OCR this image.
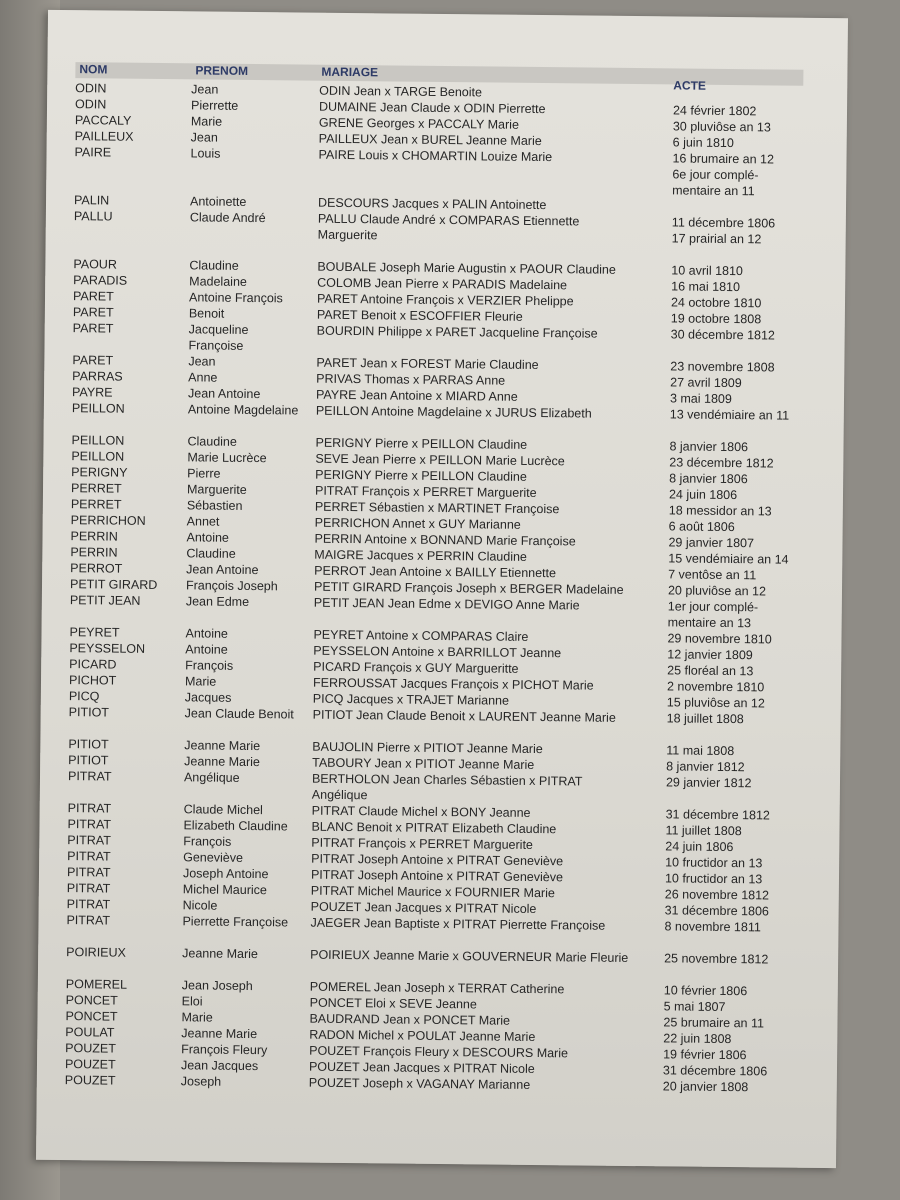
NOM	PRENOM	MARIAGE
ACTE
ODIN	Jean	ODIN Jean x TARGE Benoite
ODIN	Pierrette	DUMAINE Jean Claude x ODIN Pierrette	24 février 1802
PACCALY	Marie	GRENE Georges x PACCALY Marie	30 pluviôse an 13
PAILLEUX	Jean	PAILLEUX Jean x BUREL Jeanne Marie	6 juin 1810
PAIRE	Louis	PAIRE Louis x CHOMARTIN Louize Marie	16 brumaire an 12
6e jour complé-
mentaire an 11
PALIN	Antoinette	DESCOURS Jacques x PALIN Antoinette
PALLU	Claude André	PALLU Claude André x COMPARAS Etiennette	11 décembre 1806
Marguerite	17 prairial an 12
PAOUR	Claudine	BOUBALE Joseph Marie Augustin x PAOUR Claudine	10 avril 1810
PARADIS	Madelaine	COLOMB Jean Pierre x PARADIS Madelaine	16 mai 1810
PARET	Antoine François	PARET Antoine François x VERZIER Phelippe	24 octobre 1810
PARET	Benoit	PARET Benoit x ESCOFFIER Fleurie	19 octobre 1808
PARET	Jacqueline	BOURDIN Philippe x PARET Jacqueline Françoise	30 décembre 1812
Françoise
PARET	Jean	PARET Jean x FOREST Marie Claudine	23 novembre 1808
PARRAS	Anne	PRIVAS Thomas x PARRAS Anne	27 avril 1809
PAYRE	Jean Antoine	PAYRE Jean Antoine x MIARD Anne	3 mai 1809
PEILLON	Antoine Magdelaine	PEILLON Antoine Magdelaine x JURUS Elizabeth	13 vendémiaire an 11
PEILLON	Claudine	PERIGNY Pierre x PEILLON Claudine	8 janvier 1806
PEILLON	Marie Lucrèce	SEVE Jean Pierre x PEILLON Marie Lucrèce	23 décembre 1812
PERIGNY	Pierre	PERIGNY Pierre x PEILLON Claudine	8 janvier 1806
PERRET	Marguerite	PITRAT François x PERRET Marguerite	24 juin 1806
PERRET	Sébastien	PERRET Sébastien x MARTINET Françoise	18 messidor an 13
PERRICHON	Annet	PERRICHON Annet x GUY Marianne	6 août 1806
PERRIN	Antoine	PERRIN Antoine x BONNAND Marie Françoise	29 janvier 1807
PERRIN	Claudine	MAIGRE Jacques x PERRIN Claudine	15 vendémiaire an 14
PERROT	Jean Antoine	PERROT Jean Antoine x BAILLY Etiennette	7 ventôse an 11
PETIT GIRARD	François Joseph	PETIT GIRARD François Joseph x BERGER Madelaine	20 pluviôse an 12
PETIT JEAN	Jean Edme	PETIT JEAN Jean Edme x DEVIGO Anne Marie	1er jour complé-
mentaire an 13
PEYRET	Antoine	PEYRET Antoine x COMPARAS Claire	29 novembre 1810
PEYSSELON	Antoine	PEYSSELON Antoine x BARRILLOT Jeanne	12 janvier 1809
PICARD	François	PICARD François x GUY Margueritte	25 floréal an 13
PICHOT	Marie	FERROUSSAT Jacques François x PICHOT Marie	2 novembre 1810
PICQ	Jacques	PICQ Jacques x TRAJET Marianne	15 pluviôse an 12
PITIOT	Jean Claude Benoit	PITIOT Jean Claude Benoit x LAURENT Jeanne Marie	18 juillet 1808
PITIOT	Jeanne Marie	BAUJOLIN Pierre x PITIOT Jeanne Marie	11 mai 1808
PITIOT	Jeanne Marie	TABOURY Jean x PITIOT Jeanne Marie	8 janvier 1812
PITRAT	Angélique	BERTHOLON Jean Charles Sébastien x PITRAT	29 janvier 1812
Angélique
PITRAT	Claude Michel	PITRAT Claude Michel x BONY Jeanne	31 décembre 1812
PITRAT	Elizabeth Claudine	BLANC Benoit x PITRAT Elizabeth Claudine	11 juillet 1808
PITRAT	François	PITRAT François x PERRET Marguerite	24 juin 1806
PITRAT	Geneviève	PITRAT Joseph Antoine x PITRAT Geneviève	10 fructidor an 13
PITRAT	Joseph Antoine	PITRAT Joseph Antoine x PITRAT Geneviève	10 fructidor an 13
PITRAT	Michel Maurice	PITRAT Michel Maurice x FOURNIER Marie	26 novembre 1812
PITRAT	Nicole	POUZET Jean Jacques x PITRAT Nicole	31 décembre 1806
PITRAT	Pierrette Françoise	JAEGER Jean Baptiste x PITRAT Pierrette Françoise	8 novembre 1811
POIRIEUX	Jeanne Marie	POIRIEUX Jeanne Marie x GOUVERNEUR Marie Fleurie	25 novembre 1812
POMEREL	Jean Joseph	POMEREL Jean Joseph x TERRAT Catherine	10 février 1806
PONCET	Eloi	PONCET Eloi x SEVE Jeanne	5 mai 1807
PONCET	Marie	BAUDRAND Jean x PONCET Marie	25 brumaire an 11
POULAT	Jeanne Marie	RADON Michel x POULAT Jeanne Marie	22 juin 1808
POUZET	François Fleury	POUZET François Fleury x DESCOURS Marie	19 février 1806
POUZET	Jean Jacques	POUZET Jean Jacques x PITRAT Nicole	31 décembre 1806
POUZET	Joseph	POUZET Joseph x VAGANAY Marianne	20 janvier 1808
